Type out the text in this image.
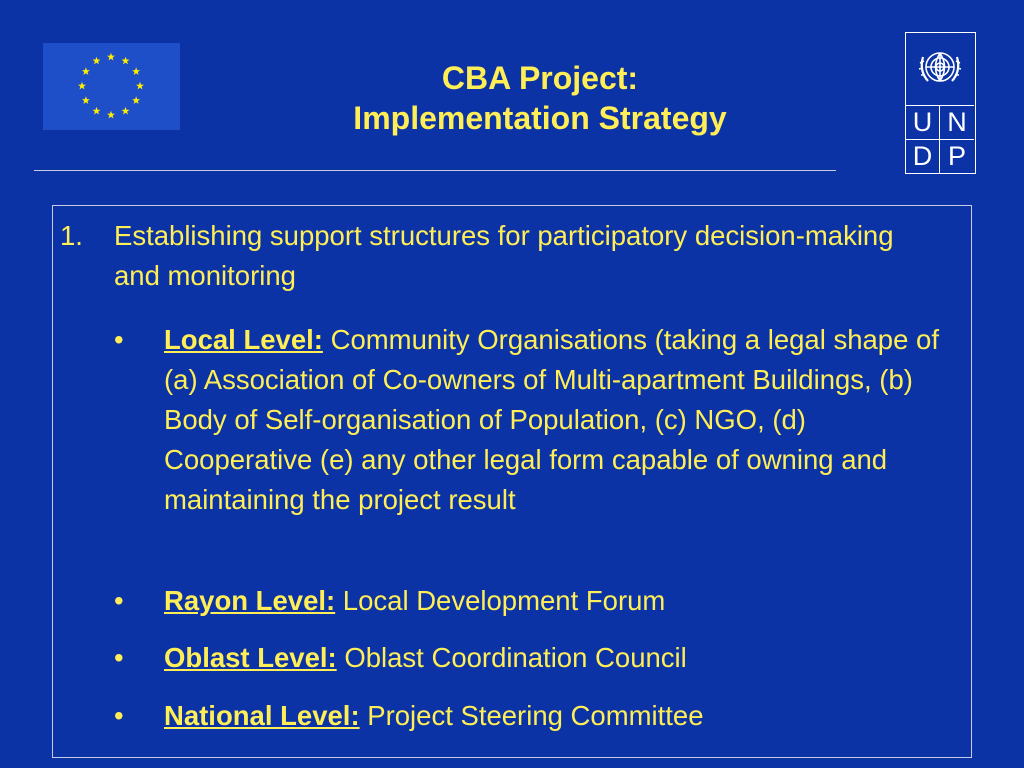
CBA Project:
Implementation Strategy	U N
D P
1. Establishing support structures for participatory decision-making and monitoring
• Local Level: Community Organisations (taking a legal shape of (a) Association of Co-owners of Multi-apartment Buildings, (b) Body of Self-organisation of Population, (c) NGO, (d) Cooperative (e) any other legal form capable of owning and maintaining the project result
• Rayon Level: Local Development Forum
• Oblast Level: Oblast Coordination Council
• National Level: Project Steering Committee
